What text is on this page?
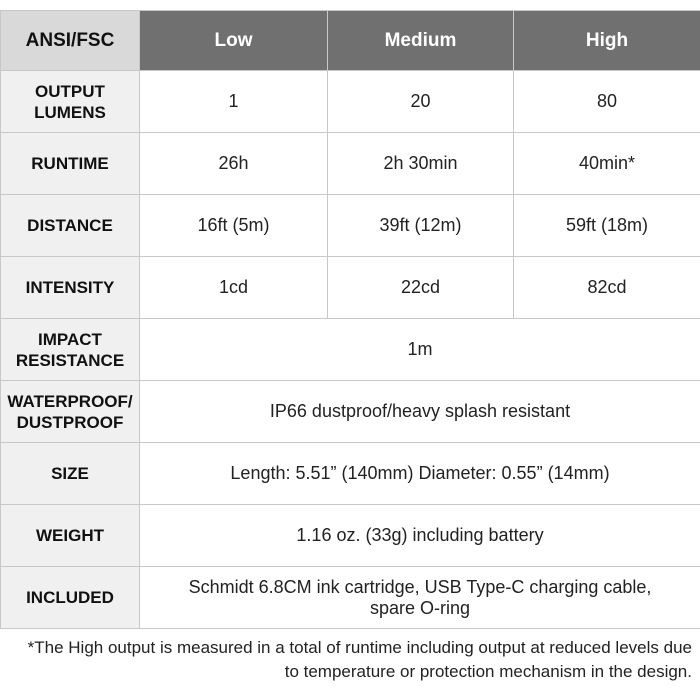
ANSI/FSC	Low	Medium	High
OUTPUT
LUMENS	1	20	80
RUNTIME	26h	2h 30min	40min*
DISTANCE	16ft (5m)	39ft (12m)	59ft (18m)
INTENSITY	1cd	22cd	82cd
IMPACT
RESISTANCE	1m		
WATERPROOF/
DUSTPROOF	IP66 dustproof/heavy splash resistant		
SIZE	Length: 5.51” (140mm) Diameter: 0.55” (14mm)		
WEIGHT	1.16 oz. (33g) including battery		
INCLUDED	Schmidt 6.8CM ink cartridge, USB Type-C charging cable, spare O-ring		
*The High output is measured in a total of runtime including output at reduced levels due to temperature or protection mechanism in the design.
